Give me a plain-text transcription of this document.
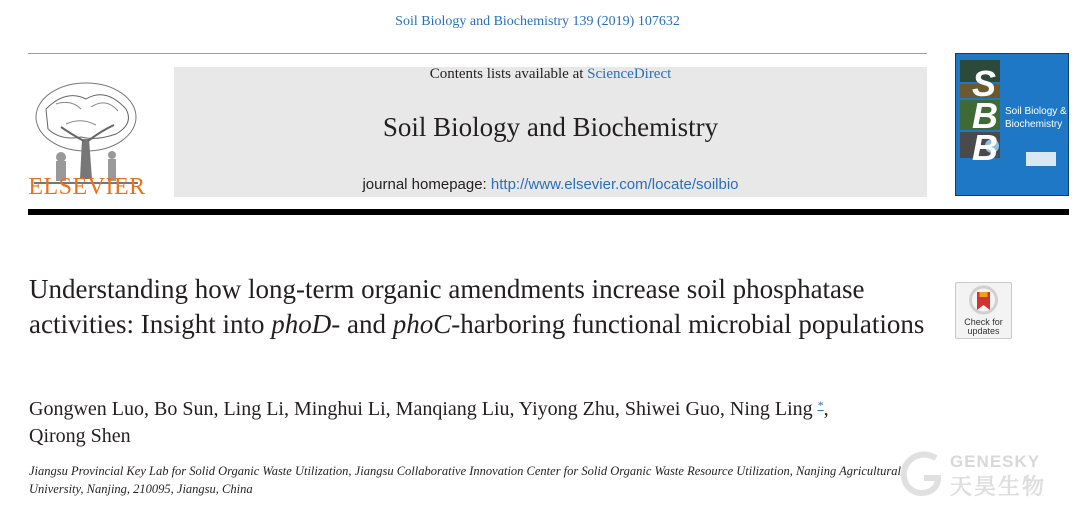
Soil Biology and Biochemistry 139 (2019) 107632
ELSEVIER
Contents lists available at ScienceDirect
Soil Biology and Biochemistry
journal homepage: http://www.elsevier.com/locate/soilbio
S
B
B
Soil Biology &
Biochemistry
Understanding how long-term organic amendments increase soil phosphatase activities: Insight into phoD- and phoC-harboring functional microbial populations	Check for
updates
Gongwen Luo, Bo Sun, Ling Li, Minghui Li, Manqiang Liu, Yiyong Zhu, Shiwei Guo, Ning Ling *,
Qirong Shen
Jiangsu Provincial Key Lab for Solid Organic Waste Utilization, Jiangsu Collaborative Innovation Center for Solid Organic Waste Resource Utilization, Nanjing Agricultural University, Nanjing, 210095, Jiangsu, China
GENESKY
天昊生物
